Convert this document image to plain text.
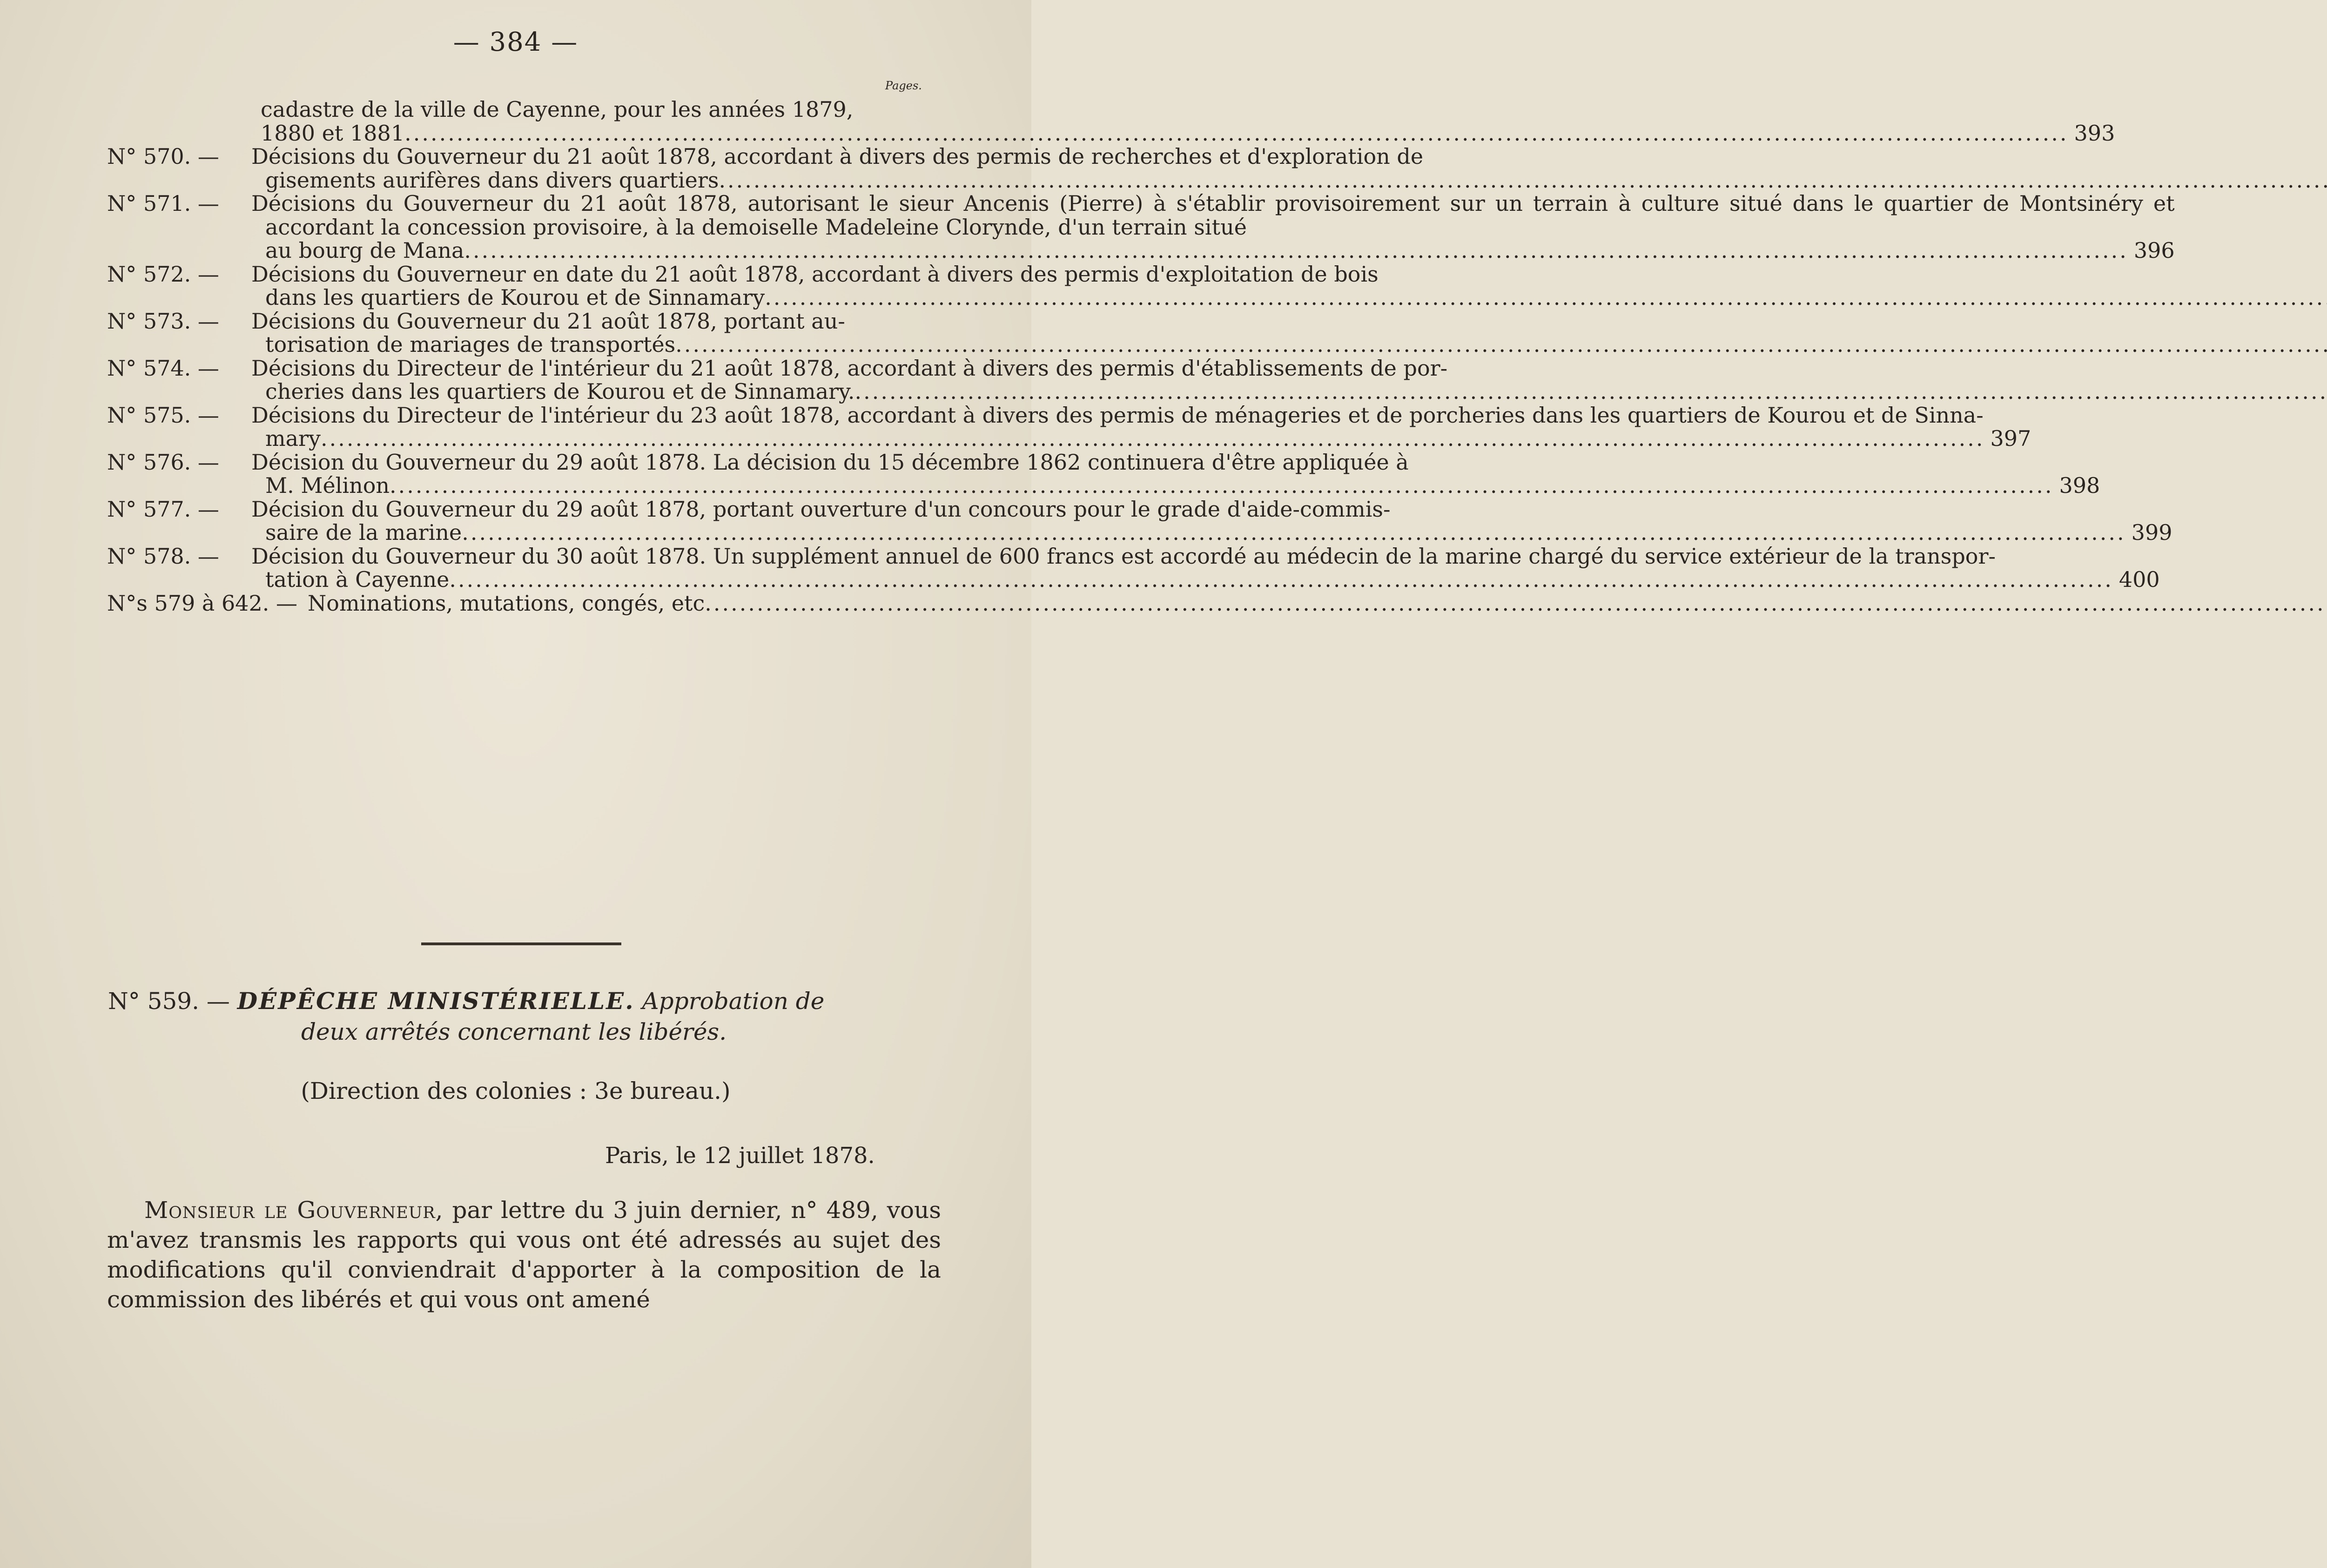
— 384 —
Pages.
cadastre de la ville de Cayenne, pour les années 1879,
1880 et 1881 .....	393
N° 570. —	Décisions du Gouverneur du 21 août 1878, accordant à divers des permis de recherches et d'exploration de
gisements aurifères dans divers quartiers
.....
N° 571. —	Décisions du Gouverneur du 21 août 1878, autorisant le sieur Ancenis (Pierre) à s'établir provisoirement sur un terrain à culture situé dans le quartier de Montsinéry et accordant la concession provisoire, à la demoiselle Madeleine Clorynde, d'un terrain situé
au bourg de Mana .....	396
N° 572. —	Décisions du Gouverneur en date du 21 août 1878, accordant à divers des permis d'exploitation de bois
dans les quartiers de Kourou et de Sinnamary
.....
N° 573. —	Décisions du Gouverneur du 21 août 1878, portant au-
torisation de mariages de transportés
.....
N° 574. —	Décisions du Directeur de l'intérieur du 21 août 1878, accordant à divers des permis d'établissements de por-
cheries dans les quartiers de Kourou et de Sinnamary.
.....
N° 575. —	Décisions du Directeur de l'intérieur du 23 août 1878, accordant à divers des permis de ménageries et de porcheries dans les quartiers de Kourou et de Sinna-
mary .....	397
N° 576. —	Décision du Gouverneur du 29 août 1878. La décision du 15 décembre 1862 continuera d'être appliquée à
M. Mélinon .....	398
N° 577. —	Décision du Gouverneur du 29 août 1878, portant ouverture d'un concours pour le grade d'aide-commis-
saire de la marine .....	399
N° 578. —	Décision du Gouverneur du 30 août 1878. Un supplément annuel de 600 francs est accordé au médecin de la marine chargé du service extérieur de la transpor-
tation à Cayenne .....	400
N°s 579 à 642. — Nominations, mutations, congés, etc
.....
N° 559. — DÉPÊCHE MINISTÉRIELLE. Approbation de
deux arrêtés concernant les libérés.
(Direction des colonies : 3e bureau.)
Paris, le 12 juillet 1878.
Monsieur le Gouverneur, par lettre du 3 juin dernier, n° 489, vous m'avez transmis les rapports qui vous ont été adressés au sujet des modifications qu'il conviendrait d'apporter à la composition de la commission des libérés et qui vous ont amené
